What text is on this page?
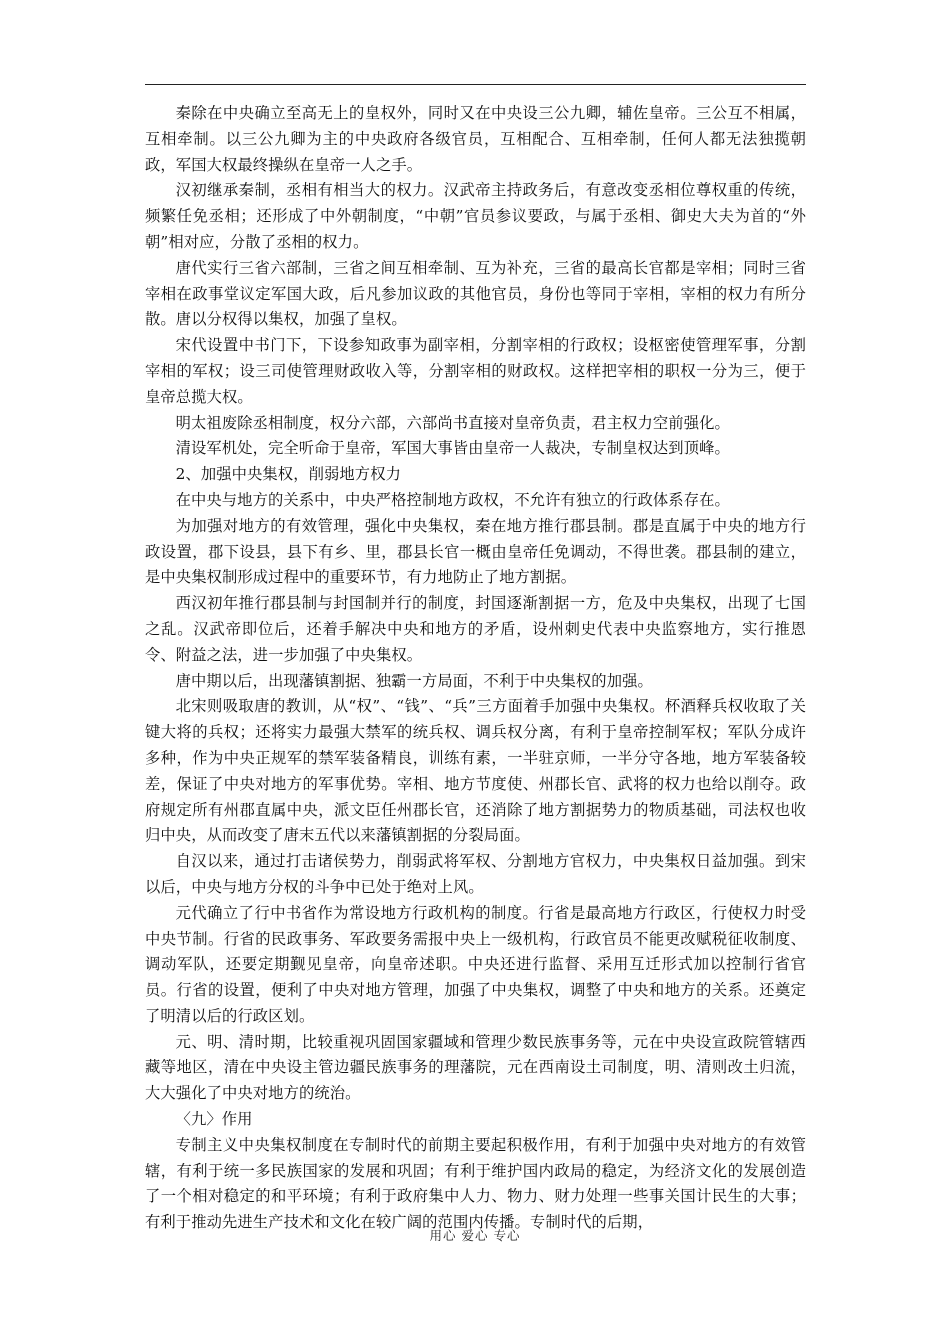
秦除在中央确立至高无上的皇权外，同时又在中央设三公九卿，辅佐皇帝。三公互不相属，互相牵制。以三公九卿为主的中央政府各级官员，互相配合、互相牵制，任何人都无法独揽朝政，军国大权最终操纵在皇帝一人之手。

汉初继承秦制，丞相有相当大的权力。汉武帝主持政务后，有意改变丞相位尊权重的传统，频繁任免丞相；还形成了中外朝制度，“中朝”官员参议要政，与属于丞相、御史大夫为首的“外朝”相对应，分散了丞相的权力。

唐代实行三省六部制，三省之间互相牵制、互为补充，三省的最高长官都是宰相；同时三省宰相在政事堂议定军国大政，后凡参加议政的其他官员，身份也等同于宰相，宰相的权力有所分散。唐以分权得以集权，加强了皇权。

宋代设置中书门下，下设参知政事为副宰相，分割宰相的行政权；设枢密使管理军事，分割宰相的军权；设三司使管理财政收入等，分割宰相的财政权。这样把宰相的职权一分为三，便于皇帝总揽大权。

明太祖废除丞相制度，权分六部，六部尚书直接对皇帝负责，君主权力空前强化。

清设军机处，完全听命于皇帝，军国大事皆由皇帝一人裁决，专制皇权达到顶峰。

2、加强中央集权，削弱地方权力

在中央与地方的关系中，中央严格控制地方政权，不允许有独立的行政体系存在。

为加强对地方的有效管理，强化中央集权，秦在地方推行郡县制。郡是直属于中央的地方行政设置，郡下设县，县下有乡、里，郡县长官一概由皇帝任免调动，不得世袭。郡县制的建立，是中央集权制形成过程中的重要环节，有力地防止了地方割据。

西汉初年推行郡县制与封国制并行的制度，封国逐渐割据一方，危及中央集权，出现了七国之乱。汉武帝即位后，还着手解决中央和地方的矛盾，设州刺史代表中央监察地方，实行推恩令、附益之法，进一步加强了中央集权。

唐中期以后，出现藩镇割据、独霸一方局面，不利于中央集权的加强。

北宋则吸取唐的教训，从“权”、“钱”、“兵”三方面着手加强中央集权。杯酒释兵权收取了关键大将的兵权；还将实力最强大禁军的统兵权、调兵权分离，有利于皇帝控制军权；军队分成许多种，作为中央正规军的禁军装备精良，训练有素，一半驻京师，一半分守各地，地方军装备较差，保证了中央对地方的军事优势。宰相、地方节度使、州郡长官、武将的权力也给以削夺。政府规定所有州郡直属中央，派文臣任州郡长官，还消除了地方割据势力的物质基础，司法权也收归中央，从而改变了唐末五代以来藩镇割据的分裂局面。

自汉以来，通过打击诸侯势力，削弱武将军权、分割地方官权力，中央集权日益加强。到宋以后，中央与地方分权的斗争中已处于绝对上风。

元代确立了行中书省作为常设地方行政机构的制度。行省是最高地方行政区，行使权力时受中央节制。行省的民政事务、军政要务需报中央上一级机构，行政官员不能更改赋税征收制度、调动军队，还要定期觐见皇帝，向皇帝述职。中央还进行监督、采用互迁形式加以控制行省官员。行省的设置，便利了中央对地方管理，加强了中央集权，调整了中央和地方的关系。还奠定了明清以后的行政区划。

元、明、清时期，比较重视巩固国家疆域和管理少数民族事务等，元在中央设宣政院管辖西藏等地区，清在中央设主管边疆民族事务的理藩院，元在西南设土司制度，明、清则改土归流，大大强化了中央对地方的统治。

〈九〉作用

专制主义中央集权制度在专制时代的前期主要起积极作用，有利于加强中央对地方的有效管辖，有利于统一多民族国家的发展和巩固；有利于维护国内政局的稳定，为经济文化的发展创造了一个相对稳定的和平环境；有利于政府集中人力、物力、财力处理一些事关国计民生的大事；有利于推动先进生产技术和文化在较广阔的范围内传播。专制时代的后期，

用心 爱心 专心
